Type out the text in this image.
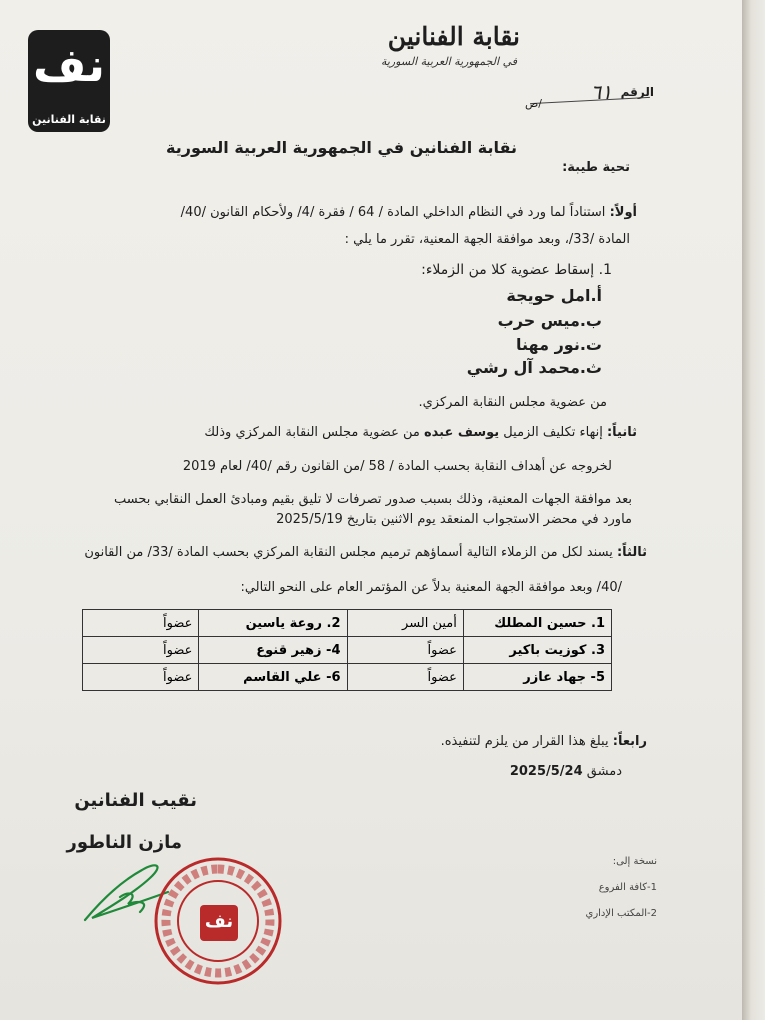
نف
نقابة الفنانين
نقابة الفنانين
في الجمهورية العربية السورية
الرقم
٦١
/ص
نقابة الفنانين في الجمهورية العربية السورية
تحية طيبة:
أولاً: استناداً لما ورد في النظام الداخلي المادة / 64 / فقرة /4/ ولأحكام القانون /40/
المادة /33/، وبعد موافقة الجهة المعنية، تقرر ما يلي :
1. إسقاط عضوية كلا من الزملاء:
أ.امل حويجة
ب.ميس حرب
ت.نور مهنا
ث.محمد آل رشي
من عضوية مجلس النقابة المركزي.
ثانياً: إنهاء تكليف الزميل يوسف عبده من عضوية مجلس النقابة المركزي وذلك
لخروجه عن أهداف النقابة بحسب المادة / 58 /من القانون رقم /40/ لعام 2019
بعد موافقة الجهات المعنية، وذلك بسبب صدور تصرفات لا تليق بقيم ومبادئ العمل النقابي بحسب
ماورد في محضر الاستجواب المنعقد يوم الاثنين بتاريخ 2025/5/19
ثالثاً: يسند لكل من الزملاء التالية أسماؤهم ترميم مجلس النقابة المركزي بحسب المادة /33/ من القانون
/40/ وبعد موافقة الجهة المعنية بدلاً عن المؤتمر العام على النحو التالي:
1. حسين المطلك	أمين السر	2. روعة ياسين	عضواً
3. كوزيت باكير	عضواً	4- زهير قنوع	عضواً
5- جهاد عازر	عضواً	6- علي القاسم	عضواً
رابعاً: يبلغ هذا القرار من يلزم لتنفيذه.
دمشق 2025/5/24
نقيب الفنانين
مازن الناطور
نف
نسخة إلى:
1-كافة الفروع
2-المكتب الإداري
